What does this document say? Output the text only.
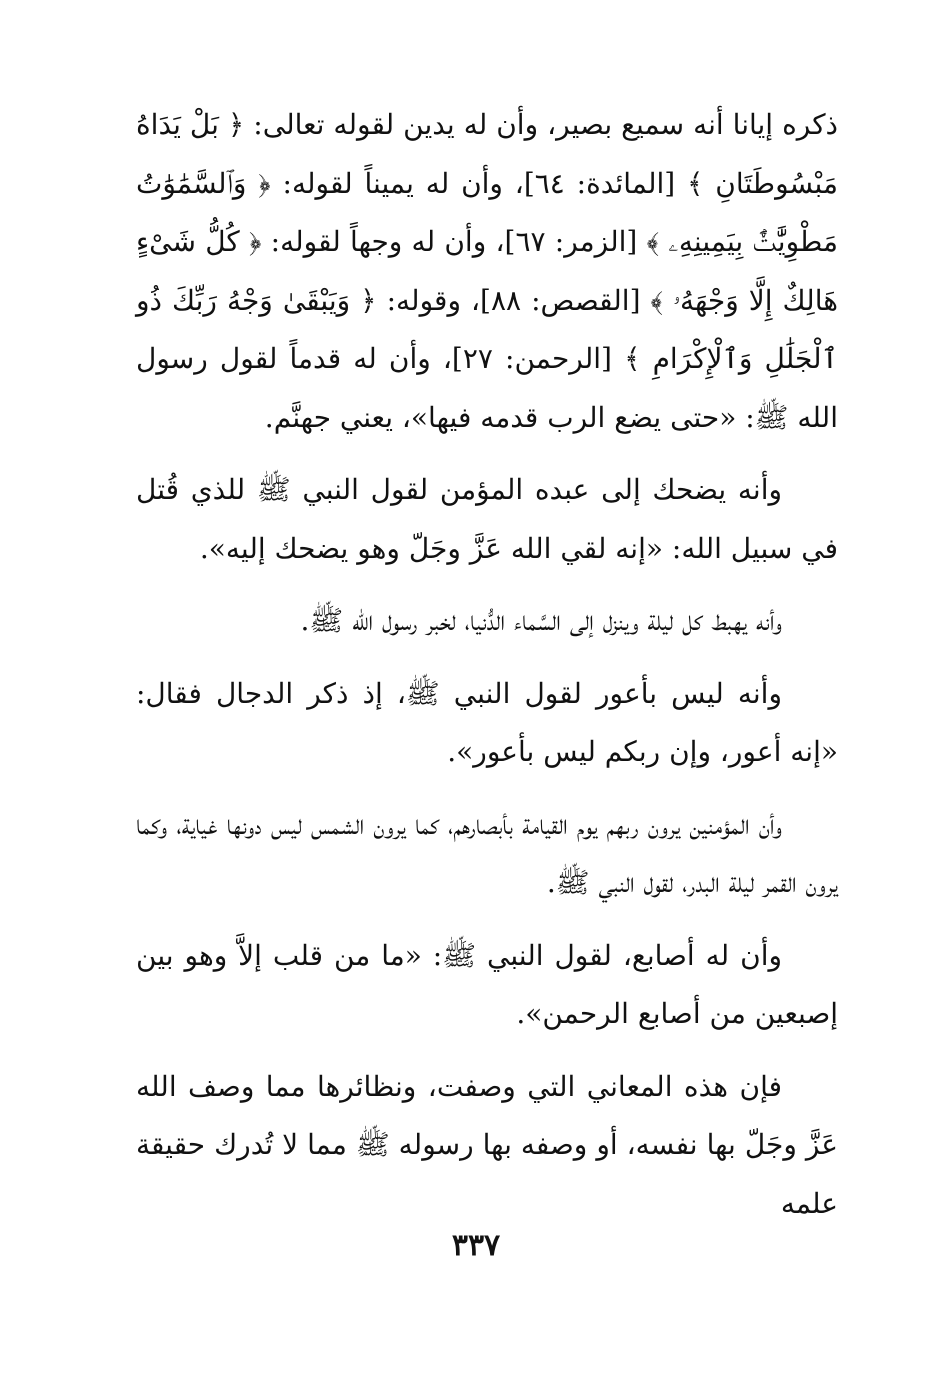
ذكره إيانا أنه سميع بصير، وأن له يدين لقوله تعالى: ﴿ بَلْ يَدَاهُ مَبْسُوطَتَانِ ﴾ [المائدة: ٦٤]، وأن له يميناً لقوله: ﴿ وَٱلسَّمَٰوَٰتُ مَطْوِيَّٰتٌۢ بِيَمِينِهِۦ ﴾ [الزمر: ٦٧]، وأن له وجهاً لقوله: ﴿ كُلُّ شَىْءٍ هَالِكٌ إِلَّا وَجْهَهُۥ ﴾ [القصص: ٨٨]، وقوله: ﴿ وَيَبْقَىٰ وَجْهُ رَبِّكَ ذُو ٱلْجَلَٰلِ وَٱلْإِكْرَامِ ﴾ [الرحمن: ٢٧]، وأن له قدماً لقول رسول الله ﷺ: «حتى يضع الرب قدمه فيها»، يعني جهنَّم.

وأنه يضحك إلى عبده المؤمن لقول النبي ﷺ للذي قُتل في سبيل الله: «إنه لقي الله عَزَّ وجَلّ وهو يضحك إليه».

وأنه يهبط كل ليلة وينزل إلى السَّماء الدُّنيا، لخبر رسول الله ﷺ.

وأنه ليس بأعور لقول النبي ﷺ، إذ ذكر الدجال فقال: «إنه أعور، وإن ربكم ليس بأعور».

وأن المؤمنين يرون ربهم يوم القيامة بأبصارهم، كما يرون الشمس ليس دونها غياية، وكما يرون القمر ليلة البدر، لقول النبي ﷺ.

وأن له أصابع، لقول النبي ﷺ: «ما من قلب إلاَّ وهو بين إصبعين من أصابع الرحمن».

فإن هذه المعاني التي وصفت، ونظائرها مما وصف الله عَزَّ وجَلّ بها نفسه، أو وصفه بها رسوله ﷺ مما لا تُدرك حقيقة علمه

٣٣٧
